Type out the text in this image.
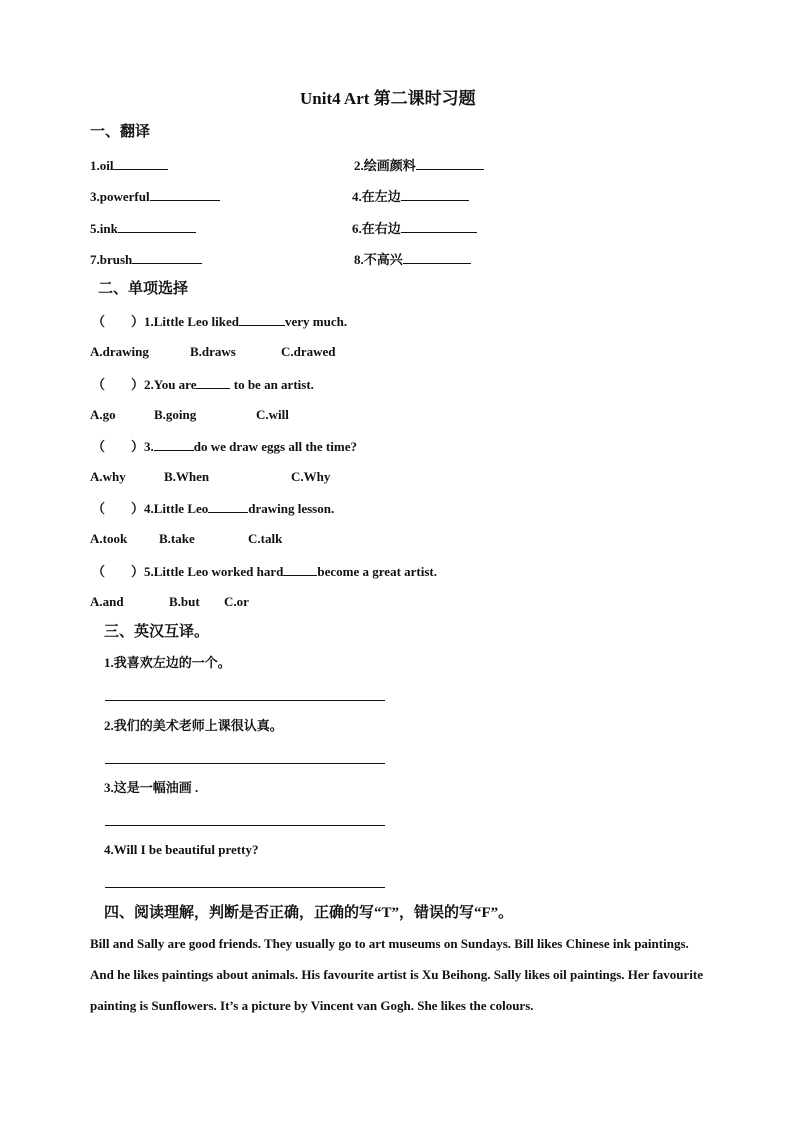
Unit4 Art 第二课时习题
一、翻译
1.oil	2.绘画颜料
3.powerful	4.在左边
5.ink	6.在右边
7.brush	8.不高兴
二、单项选择
（　　）1.Little Leo liked	very much.
A.drawing	B.draws	C.drawed
（　　）2.You are	to be an artist.
A.go	B.going	C.will
（　　）3.	do we draw eggs all the time?
A.why	B.When	C.Why
（　　）4.Little Leo	drawing lesson.
A.took B.take	C.talk
（　　）5.Little Leo worked hard	become a great artist.
A.and	B.but C.or
三、英汉互译。
1.我喜欢左边的一个。
2.我们的美术老师上课很认真。
3.这是一幅油画 .
4.Will I be beautiful pretty?
四、阅读理解，判断是否正确，正确的写“T”，错误的写“F”。
Bill and Sally are good friends. They usually go to art museums on Sundays. Bill likes Chinese ink paintings. And he likes paintings about animals. His favourite artist is Xu Beihong. Sally likes oil paintings. Her favourite painting is Sunflowers. It’s a picture by Vincent van Gogh. She likes the colours.
